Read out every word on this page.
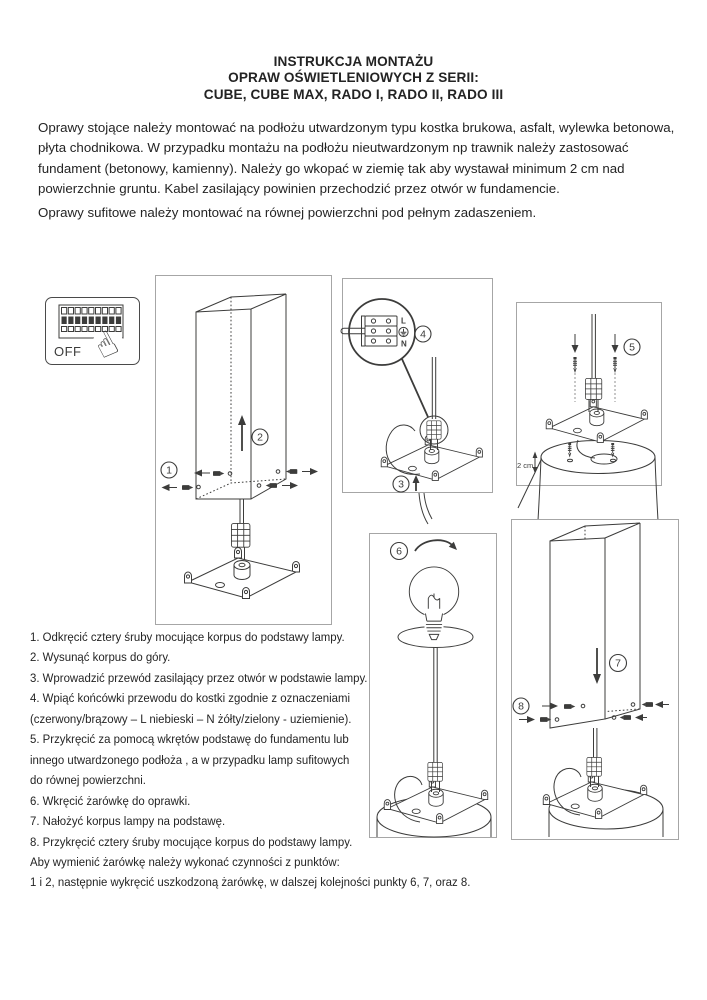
INSTRUKCJA MONTAŻU
OPRAW OŚWIETLENIOWYCH Z SERII:
CUBE, CUBE MAX, RADO I, RADO II, RADO III

Oprawy stojące należy montować na podłożu utwardzonym typu kostka brukowa, asfalt, wylewka betonowa, płyta chodnikowa. W przypadku montażu na podłożu nieutwardzonym np trawnik należy zastosować fundament (betonowy, kamienny). Należy go wkopać w ziemię tak aby wystawał minimum 2 cm nad powierzchnie gruntu. Kabel zasilający powinien przechodzić przez otwór w fundamencie.

Oprawy sufitowe należy montować na równej powierzchni pod pełnym zadaszeniem.

1. Odkręcić cztery śruby mocujące korpus do podstawy lampy.
2. Wysunąć korpus do góry.
3. Wprowadzić przewód zasilający przez otwór w podstawie lampy.
4. Wpiąć końcówki przewodu do kostki zgodnie z oznaczeniami
(czerwony/brązowy – L niebieski – N żółty/zielony - uziemienie).
5. Przykręcić za pomocą wkrętów podstawę do fundamentu lub
innego utwardzonego podłoża , a w przypadku lamp sufitowych
do równej powierzchni.
6. Wkręcić żarówkę do oprawki.
7. Nałożyć korpus lampy na podstawę.
8. Przykręcić cztery śruby mocujące korpus do podstawy lampy.
Aby wymienić żarówkę należy wykonać czynności z punktów:
1 i 2, następnie wykręcić uszkodzoną żarówkę, w dalszej kolejności punkty 6, 7, oraz 8.
☝
OFF
2
1
L
N
4
3
5
2 cm
6
7
8
